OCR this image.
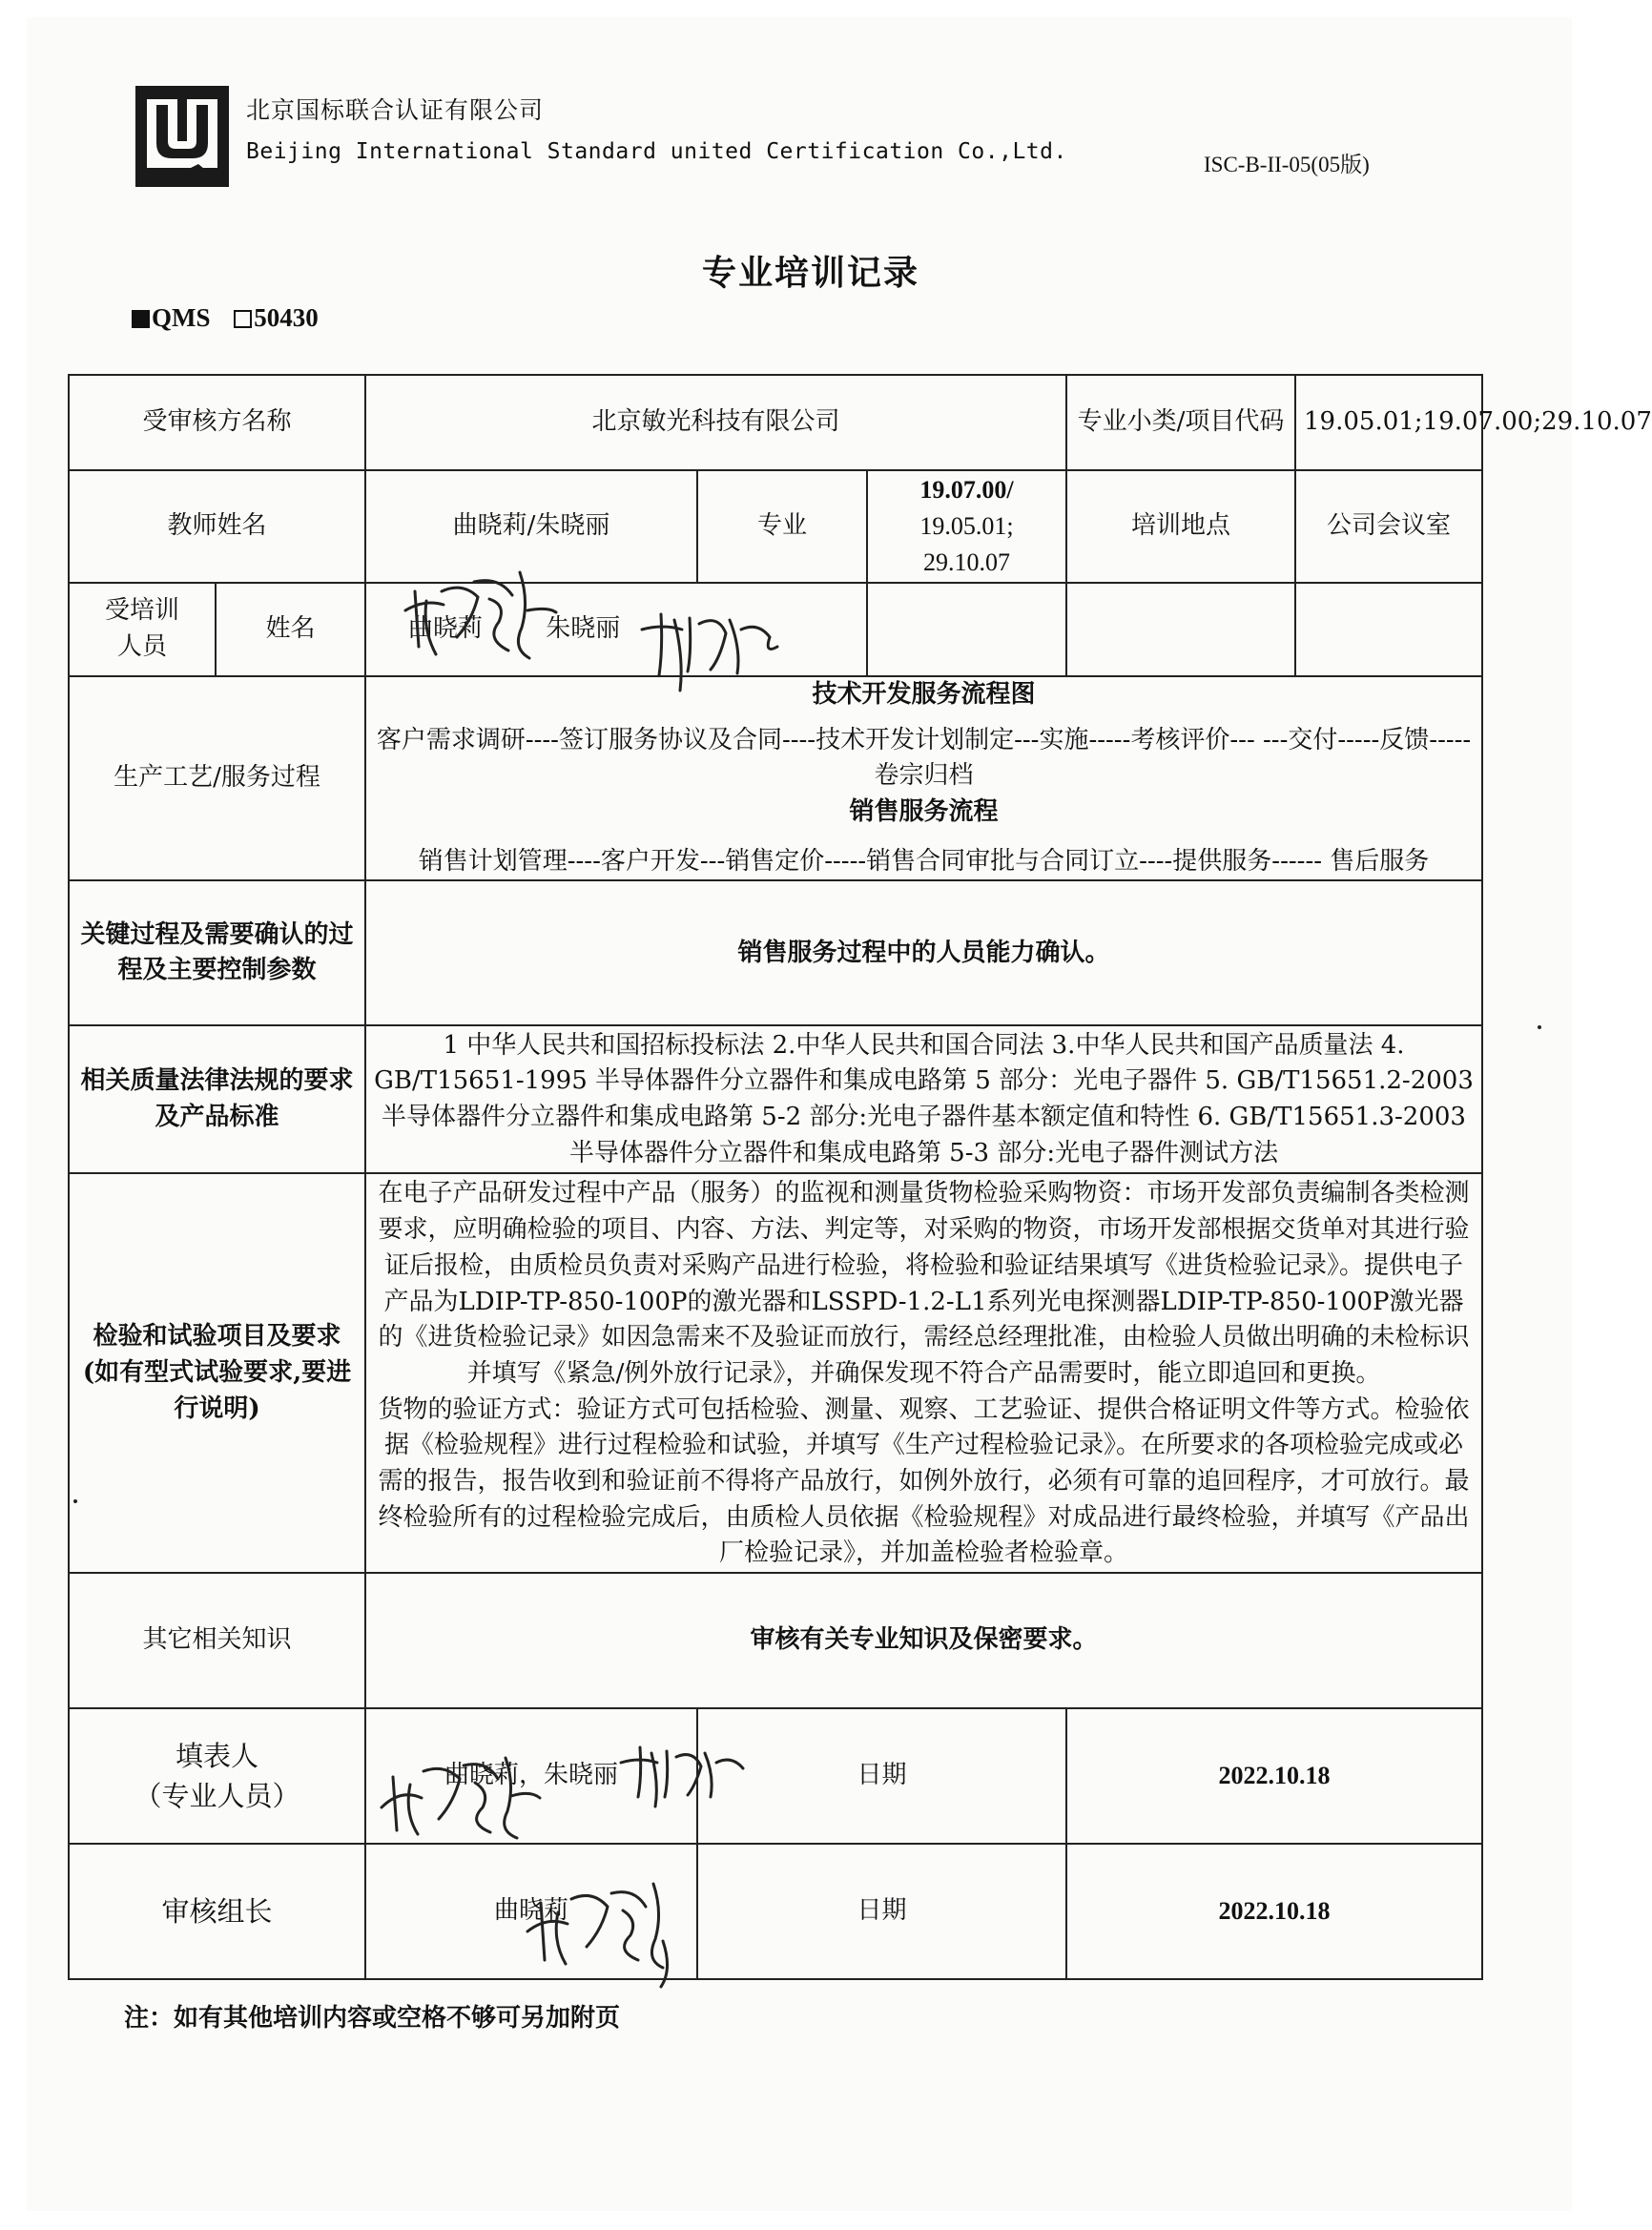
北京国标联合认证有限公司
Beijing International Standard united Certification Co.,Ltd.
ISC-B-II-05(05版)
专业培训记录
QMS 50430
受审核方名称		北京敏光科技有限公司			专业小类/项目代码	19.05.01;19.07.00;29.10.07
教师姓名		曲晓莉/朱晓丽	专业	19.07.00/
19.05.01;
29.10.07	培训地点	公司会议室

受培训
人员	姓名	曲晓莉 朱晓丽				
生产工艺/服务过程		技术开发服务流程图
客户需求调研----签订服务协议及合同----技术开发计划制定---实施-----考核评价--- ---交付-----反馈-----卷宗归档
销售服务流程
销售计划管理----客户开发---销售定价-----销售合同审批与合同订立----提供服务------ 售后服务				

关键过程及需要确认的过程及主要控制参数		销售服务过程中的人员能力确认。				
相关质量法律法规的要求及产品标准		1 中华人民共和国招标投标法 2.中华人民共和国合同法 3.中华人民共和国产品质量法 4. GB/T15651-1995 半导体器件分立器件和集成电路第 5 部分：光电子器件 5. GB/T15651.2-2003 半导体器件分立器件和集成电路第 5-2 部分:光电子器件基本额定值和特性 6. GB/T15651.3-2003 半导体器件分立器件和集成电路第 5-3 部分:光电子器件测试方法				
检验和试验项目及要求(如有型式试验要求,要进行说明)		在电子产品研发过程中产品（服务）的监视和测量货物检验采购物资：市场开发部负责编制各类检测要求，应明确检验的项目、内容、方法、判定等，对采购的物资，市场开发部根据交货单对其进行验证后报检，由质检员负责对采购产品进行检验，将检验和验证结果填写《进货检验记录》。提供电子产品为LDIP-TP-850-100P的激光器和LSSPD-1.2-L1系列光电探测器LDIP-TP-850-100P激光器的《进货检验记录》如因急需来不及验证而放行，需经总经理批准，由检验人员做出明确的未检标识并填写《紧急/例外放行记录》，并确保发现不符合产品需要时，能立即追回和更换。
货物的验证方式：验证方式可包括检验、测量、观察、工艺验证、提供合格证明文件等方式。检验依据《检验规程》进行过程检验和试验，并填写《生产过程检验记录》。在所要求的各项检验完成或必需的报告，报告收到和验证前不得将产品放行，如例外放行，必须有可靠的追回程序，才可放行。最终检验所有的过程检验完成后，由质检人员依据《检验规程》对成品进行最终检验，并填写《产品出厂检验记录》，并加盖检验者检验章。				

其它相关知识		审核有关专业知识及保密要求。				

填表人
（专业人员）		曲晓莉，朱晓丽	日期		2022.10.18	
审核组长		曲晓莉	日期		2022.10.18	
注：如有其他培训内容或空格不够可另加附页
